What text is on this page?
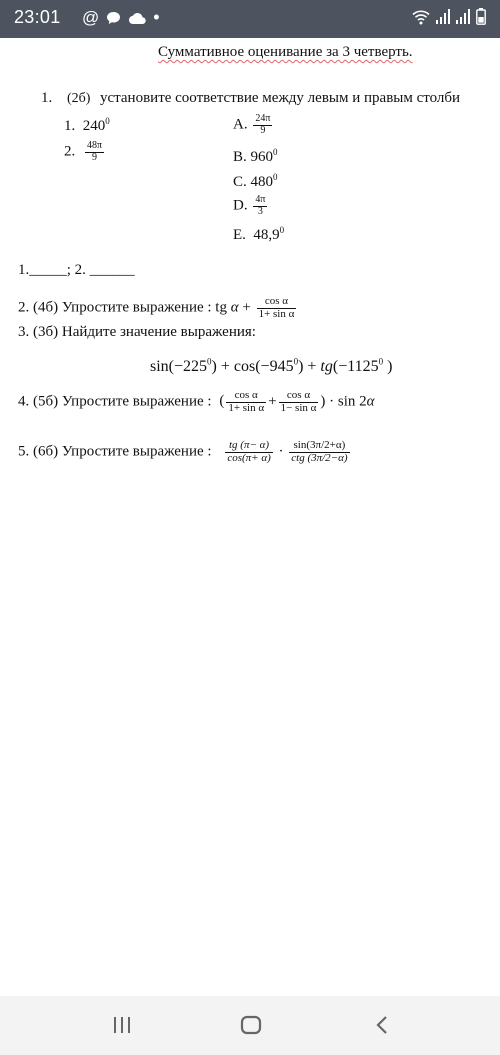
23:01 @	•
Суммативное оценивание за 3 четверть.
1. (2б) установите соответствие между левым и правым столби
1. $240^0$
2. $\frac{48\pi}{9}$
A. $\frac{24\pi}{9}$
B. $960^0$
C. $480^0$
D. $\frac{4\pi}{3}$
E. 48,9$^0$
1._____; 2. ______
2. (4б) Упростите выражение : tg $\alpha + \frac{\text{cos α}}{\text{1+ sin α}}$
3. (3б) Найдите значение выражения:
$\sin(-225^0) + \cos(-945^0) + tg(-1125^0$ )
4. (5б) Упростите выражение : ( $\frac{\text{cos α}}{\text{1+ sin α}} + \frac{\text{cos α}}{\text{1− sin α}}$ ) · sin 2α
5. (6б) Упростите выражение : $\frac{tg (\pi- \alpha)}{\cos(\pi+ \alpha)} \cdot \frac{\sin(3\pi/2+\alpha)}{\text{ctg (3π/2−α)}}$
